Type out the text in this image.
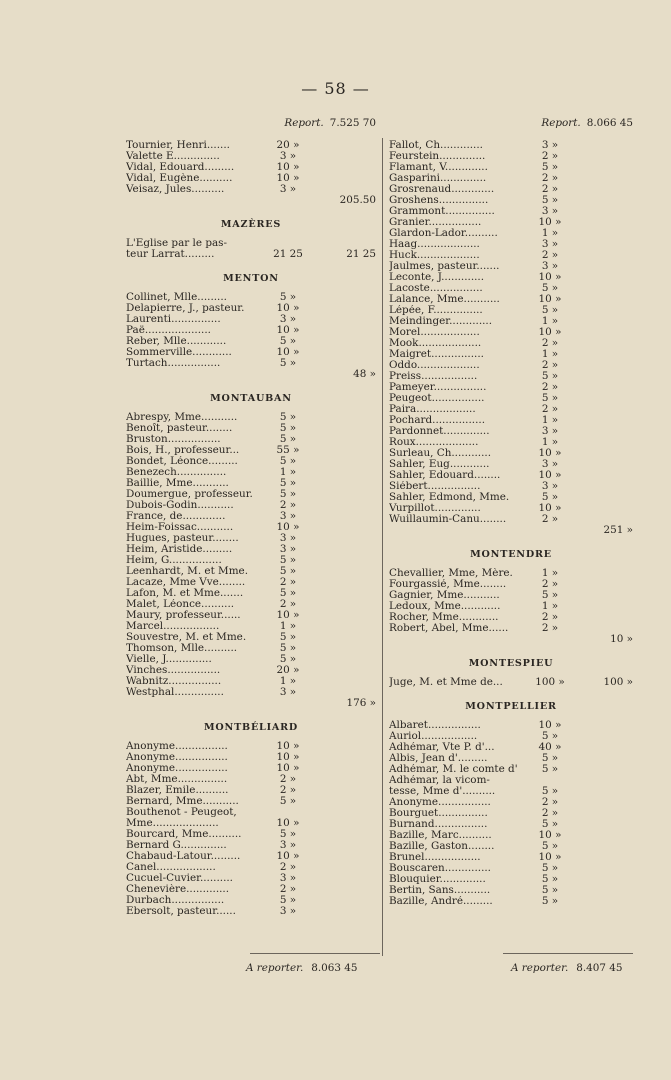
— 58 —
Report. 7.525 70
Tournier, Henri.......	20 »
Valette E..............	3 »
Vidal, Edouard.........	10 »
Vidal, Eugène..........	10 »
Veisaz, Jules..........	3 »
205.50
MAZÈRES
L'Eglise par le pas-
teur Larrat.........	21 25	21 25
MENTON
Collinet, Mlle.........	5 »
Delapierre, J., pasteur.	10 »
Laurenti...............	3 »
Paë....................	10 »
Reber, Mlle............	5 »
Sommerville............	10 »
Turtach................	5 »
48 »
MONTAUBAN
Abrespy, Mme...........	5 »
Benoît, pasteur........	5 »
Bruston................	5 »
Bois, H., professeur...	55 »
Bondet, Léonce.........	5 »
Benezech...............	1 »
Baillie, Mme...........	5 »
Doumergue, professeur.	5 »
Dubois-Godin...........	2 »
France, de.............	3 »
Heim-Foissac...........	10 »
Hugues, pasteur........	3 »
Heim, Aristide.........	3 »
Heim, G................	5 »
Leenhardt, M. et Mme.	5 »
Lacaze, Mme Vve........	2 »
Lafon, M. et Mme.......	5 »
Malet, Léonce..........	2 »
Maury, professeur......	10 »
Marcel.................	1 »
Souvestre, M. et Mme.	5 »
Thomson, Mlle..........	5 »
Vielle, J..............	5 »
Vinches................	20 »
Wabnitz................	1 »
Westphal...............	3 »
176 »
MONTBÉLIARD
Anonyme................	10 »
Anonyme................	10 »
Anonyme................	10 »
Abt, Mme...............	2 »
Blazer, Emile..........	2 »
Bernard, Mme...........	5 »
Bouthenot - Peugeot,
Mme....................	10 »
Bourcard, Mme..........	5 »
Bernard G..............	3 »
Chabaud-Latour.........	10 »
Canel..................	2 »
Cucuel-Cuvier..........	3 »
Chenevière.............	2 »
Durbach................	5 »
Ebersolt, pasteur......	3 »
Report. 8.066 45
Fallot, Ch.............	3 »
Feurstein..............	2 »
Flamant, V.............	5 »
Gasparini..............	2 »
Grosrenaud.............	2 »
Groshens...............	5 »
Grammont...............	3 »
Granier................	10 »
Glardon-Lador..........	1 »
Haag...................	3 »
Huck...................	2 »
Jaulmes, pasteur.......	3 »
Leconte, J.............	10 »
Lacoste................	5 »
Lalance, Mme...........	10 »
Lépée, F...............	5 »
Meindinger.............	1 »
Morel..................	10 »
Mook...................	2 »
Maigret................	1 »
Oddo...................	2 »
Preiss.................	5 »
Pameyer................	2 »
Peugeot................	5 »
Paira..................	2 »
Pochard................	1 »
Pardonnet..............	3 »
Roux...................	1 »
Surleau, Ch............	10 »
Sahler, Eug............	3 »
Sahler, Edouard........	10 »
Siébert................	3 »
Sahler, Edmond, Mme.	5 »
Vurpillot..............	10 »
Wuillaumin-Canu........	2 »
251 »
MONTENDRE
Chevallier, Mme, Mère.	1 »
Fourgassié, Mme........	2 »
Gagnier, Mme...........	5 »
Ledoux, Mme............	1 »
Rocher, Mme............	2 »
Robert, Abel, Mme......	2 »
10 »
MONTESPIEU
Juge, M. et Mme de...	100 »	100 »
MONTPELLIER
Albaret................	10 »
Auriol.................	5 »
Adhémar, Vte P. d'...	40 »
Albis, Jean d'.........	5 »
Adhémar, M. le comte d'	5 »
Adhémar, la vicom-
tesse, Mme d'..........	5 »
Anonyme................	2 »
Bourguet...............	2 »
Burnand................	5 »
Bazille, Marc..........	10 »
Bazille, Gaston........	5 »
Brunel.................	10 »
Bouscaren..............	5 »
Blouquier..............	5 »
Bertin, Sans...........	5 »
Bazille, André.........	5 »
A reporter. 8.063 45	A reporter. 8.407 45
